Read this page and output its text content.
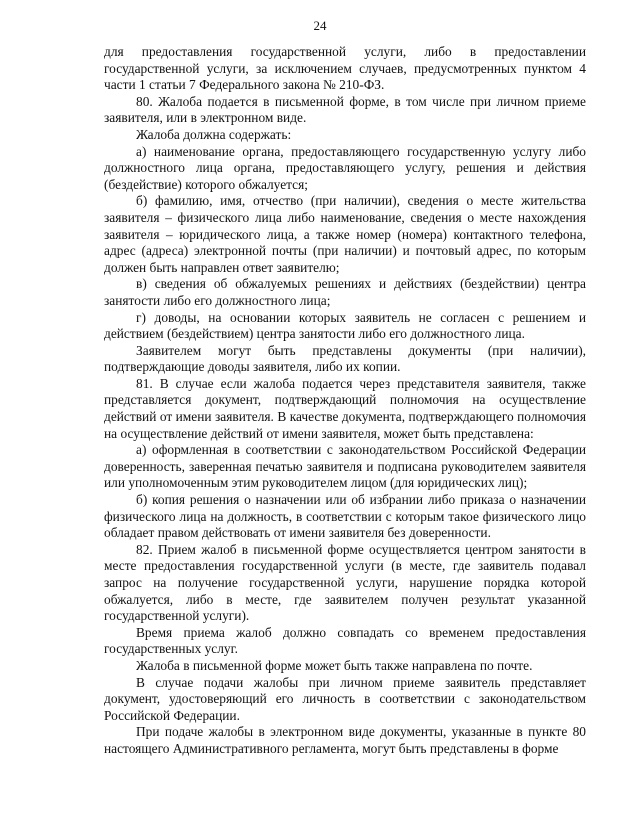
24

для предоставления государственной услуги, либо в предоставлении государственной услуги, за исключением случаев, предусмотренных пунктом 4 части 1 статьи 7 Федерального закона № 210-ФЗ.

80. Жалоба подается в письменной форме, в том числе при личном приеме заявителя, или в электронном виде.

Жалоба должна содержать:

а) наименование органа, предоставляющего государственную услугу либо должностного лица органа, предоставляющего услугу, решения и действия (бездействие) которого обжалуется;

б) фамилию, имя, отчество (при наличии), сведения о месте жительства заявителя – физического лица либо наименование, сведения о месте нахождения заявителя – юридического лица, а также номер (номера) контактного телефона, адрес (адреса) электронной почты (при наличии) и почтовый адрес, по которым должен быть направлен ответ заявителю;

в) сведения об обжалуемых решениях и действиях (бездействии) центра занятости либо его должностного лица;

г) доводы, на основании которых заявитель не согласен с решением и действием (бездействием) центра занятости либо его должностного лица.

Заявителем могут быть представлены документы (при наличии), подтверждающие доводы заявителя, либо их копии.

81. В случае если жалоба подается через представителя заявителя, также представляется документ, подтверждающий полномочия на осуществление действий от имени заявителя. В качестве документа, подтверждающего полномочия на осуществление действий от имени заявителя, может быть представлена:

а) оформленная в соответствии с законодательством Российской Федерации доверенность, заверенная печатью заявителя и подписана руководителем заявителя или уполномоченным этим руководителем лицом (для юридических лиц);

б) копия решения о назначении или об избрании либо приказа о назначении физического лица на должность, в соответствии с которым такое физического лицо обладает правом действовать от имени заявителя без доверенности.

82. Прием жалоб в письменной форме осуществляется центром занятости в месте предоставления государственной услуги (в месте, где заявитель подавал запрос на получение государственной услуги, нарушение порядка которой обжалуется, либо в месте, где заявителем получен результат указанной государственной услуги).

Время приема жалоб должно совпадать со временем предоставления государственных услуг.

Жалоба в письменной форме может быть также направлена по почте.

В случае подачи жалобы при личном приеме заявитель представляет документ, удостоверяющий его личность в соответствии с законодательством Российской Федерации.

При подаче жалобы в электронном виде документы, указанные в пункте 80 настоящего Административного регламента, могут быть представлены в форме
